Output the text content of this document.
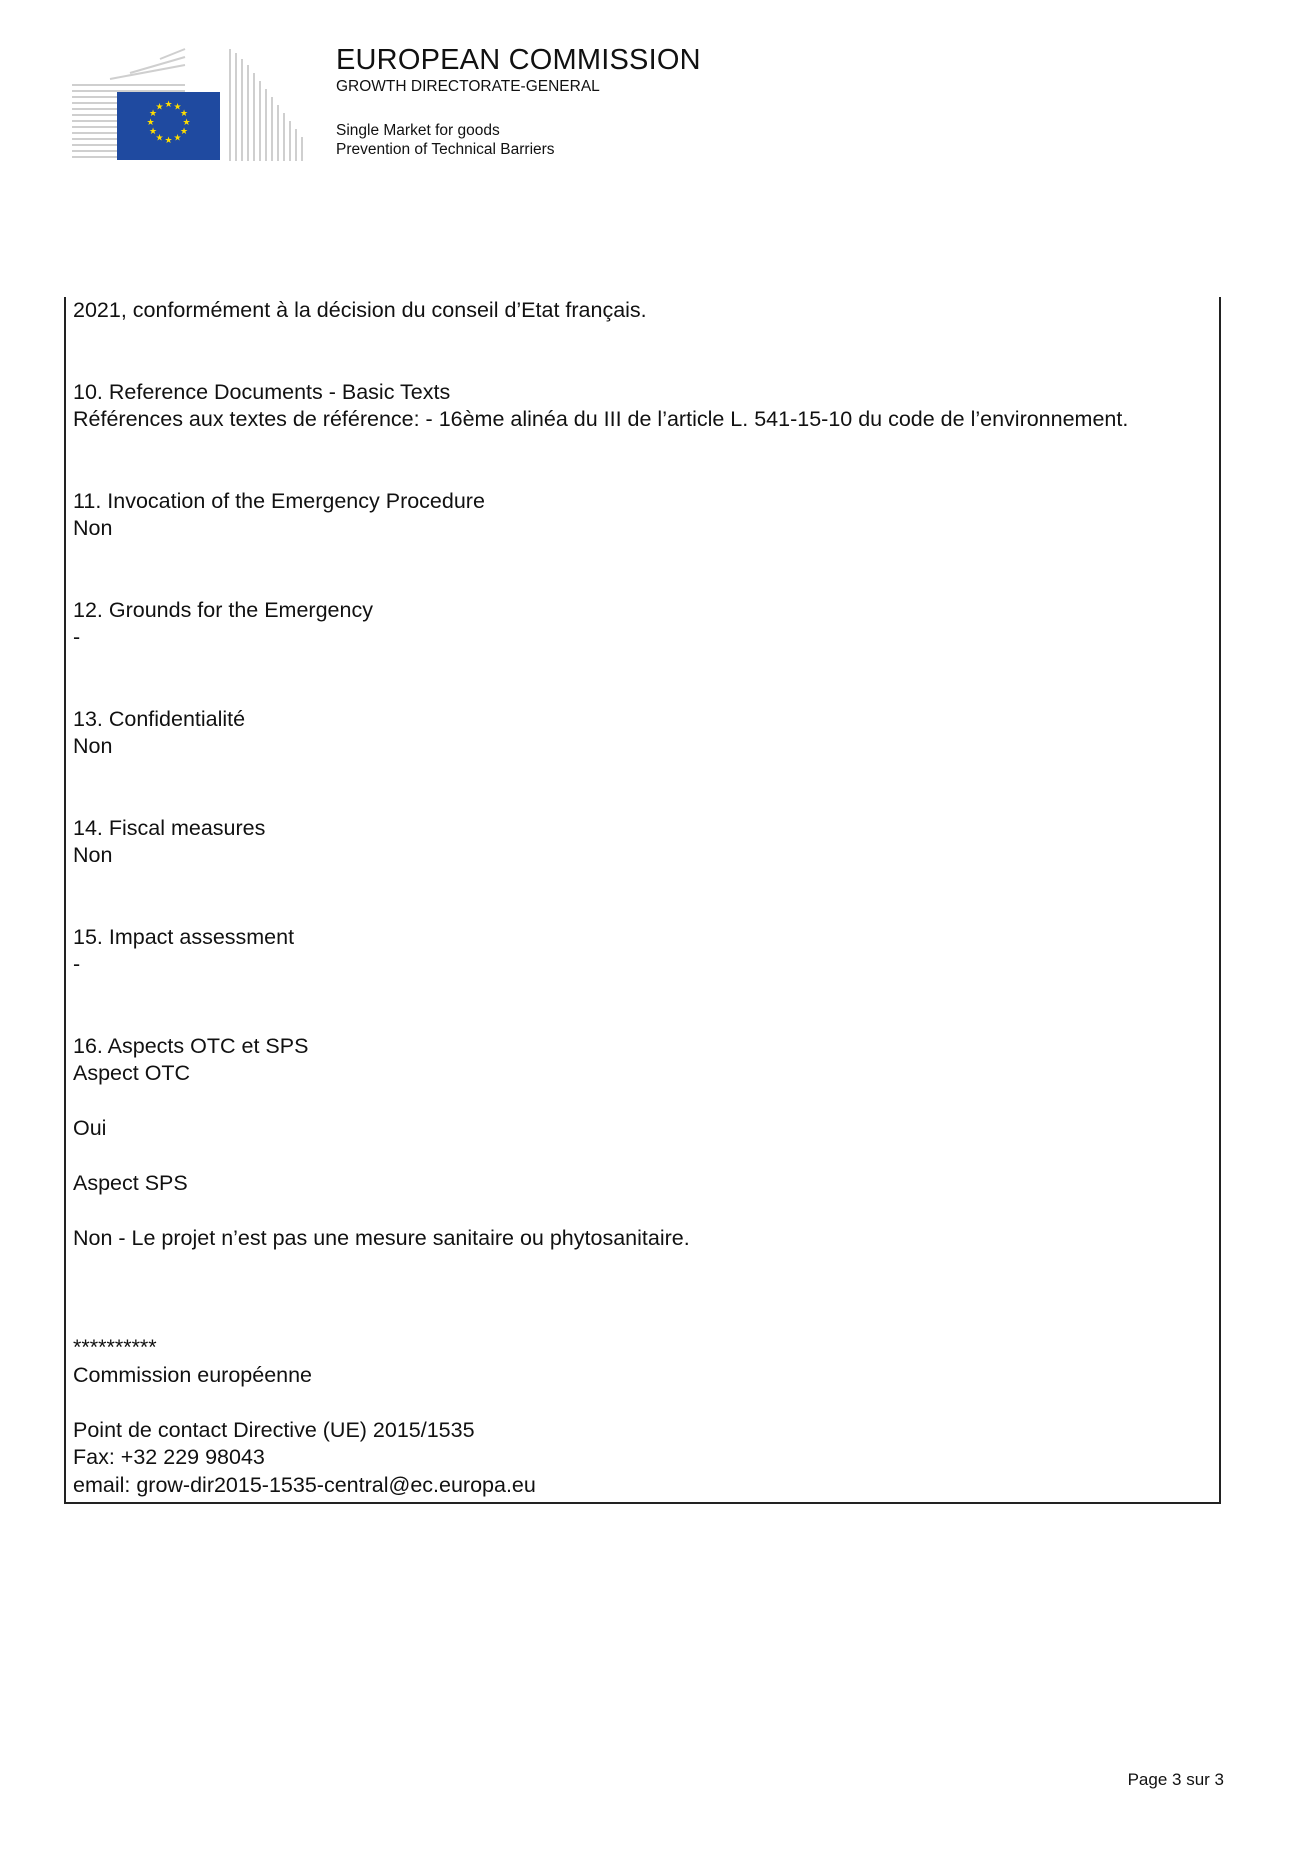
★ ★
★
★
★
★
★
★
★
★
★
★
EUROPEAN COMMISSION
GROWTH DIRECTORATE-GENERAL
Single Market for goods
Prevention of Technical Barriers

2021, conformément à la décision du conseil d’Etat français.

10. Reference Documents - Basic Texts

Références aux textes de référence: - 16ème alinéa du III de l’article L. 541-15-10 du code de l’environnement.

11. Invocation of the Emergency Procedure

Non

12. Grounds for the Emergency

-

13. Confidentialité

Non

14. Fiscal measures

Non

15. Impact assessment

-

16. Aspects OTC et SPS

Aspect OTC

Oui

Aspect SPS

Non - Le projet n’est pas une mesure sanitaire ou phytosanitaire.

**********

Commission européenne

Point de contact Directive (UE) 2015/1535

Fax: +32 229 98043

email: grow-dir2015-1535-central@ec.europa.eu

Page 3 sur 3
